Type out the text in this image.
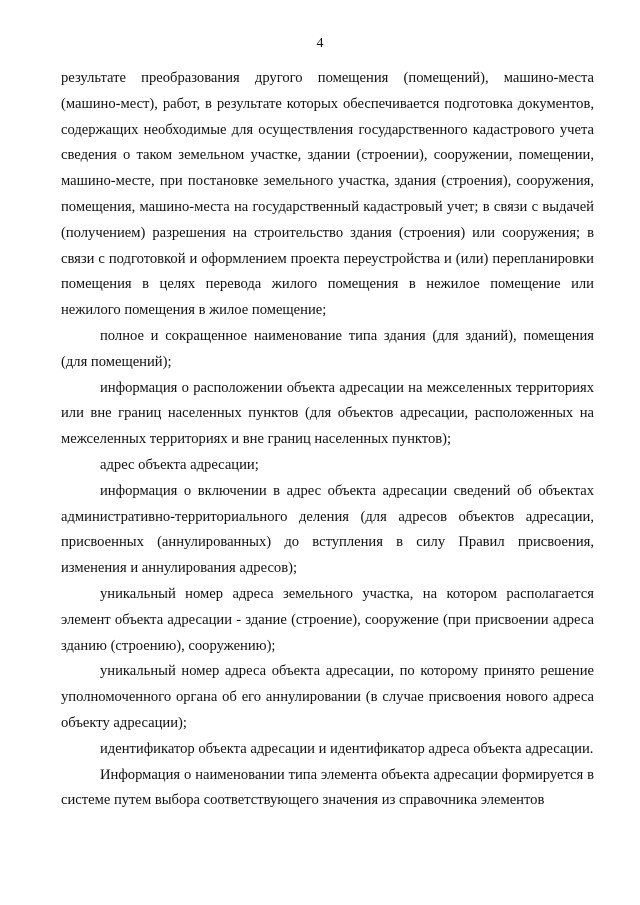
4

результате преобразования другого помещения (помещений), машино-места (машино-мест), работ, в результате которых обеспечивается подготовка документов, содержащих необходимые для осуществления государственного кадастрового учета сведения о таком земельном участке, здании (строении), сооружении, помещении, машино-месте, при постановке земельного участка, здания (строения), сооружения, помещения, машино-места на государственный кадастровый учет; в связи с выдачей (получением) разрешения на строительство здания (строения) или сооружения; в связи с подготовкой и оформлением проекта переустройства и (или) перепланировки помещения в целях перевода жилого помещения в нежилое помещение или нежилого помещения в жилое помещение;

полное и сокращенное наименование типа здания (для зданий), помещения (для помещений);

информация о расположении объекта адресации на межселенных территориях или вне границ населенных пунктов (для объектов адресации, расположенных на межселенных территориях и вне границ населенных пунктов);

адрес объекта адресации;

информация о включении в адрес объекта адресации сведений об объектах административно-территориального деления (для адресов объектов адресации, присвоенных (аннулированных) до вступления в силу Правил присвоения, изменения и аннулирования адресов);

уникальный номер адреса земельного участка, на котором располагается элемент объекта адресации - здание (строение), сооружение (при присвоении адреса зданию (строению), сооружению);

уникальный номер адреса объекта адресации, по которому принято решение уполномоченного органа об его аннулировании (в случае присвоения нового адреса объекту адресации);

идентификатор объекта адресации и идентификатор адреса объекта адресации.

Информация о наименовании типа элемента объекта адресации формируется в системе путем выбора соответствующего значения из справочника элементов
